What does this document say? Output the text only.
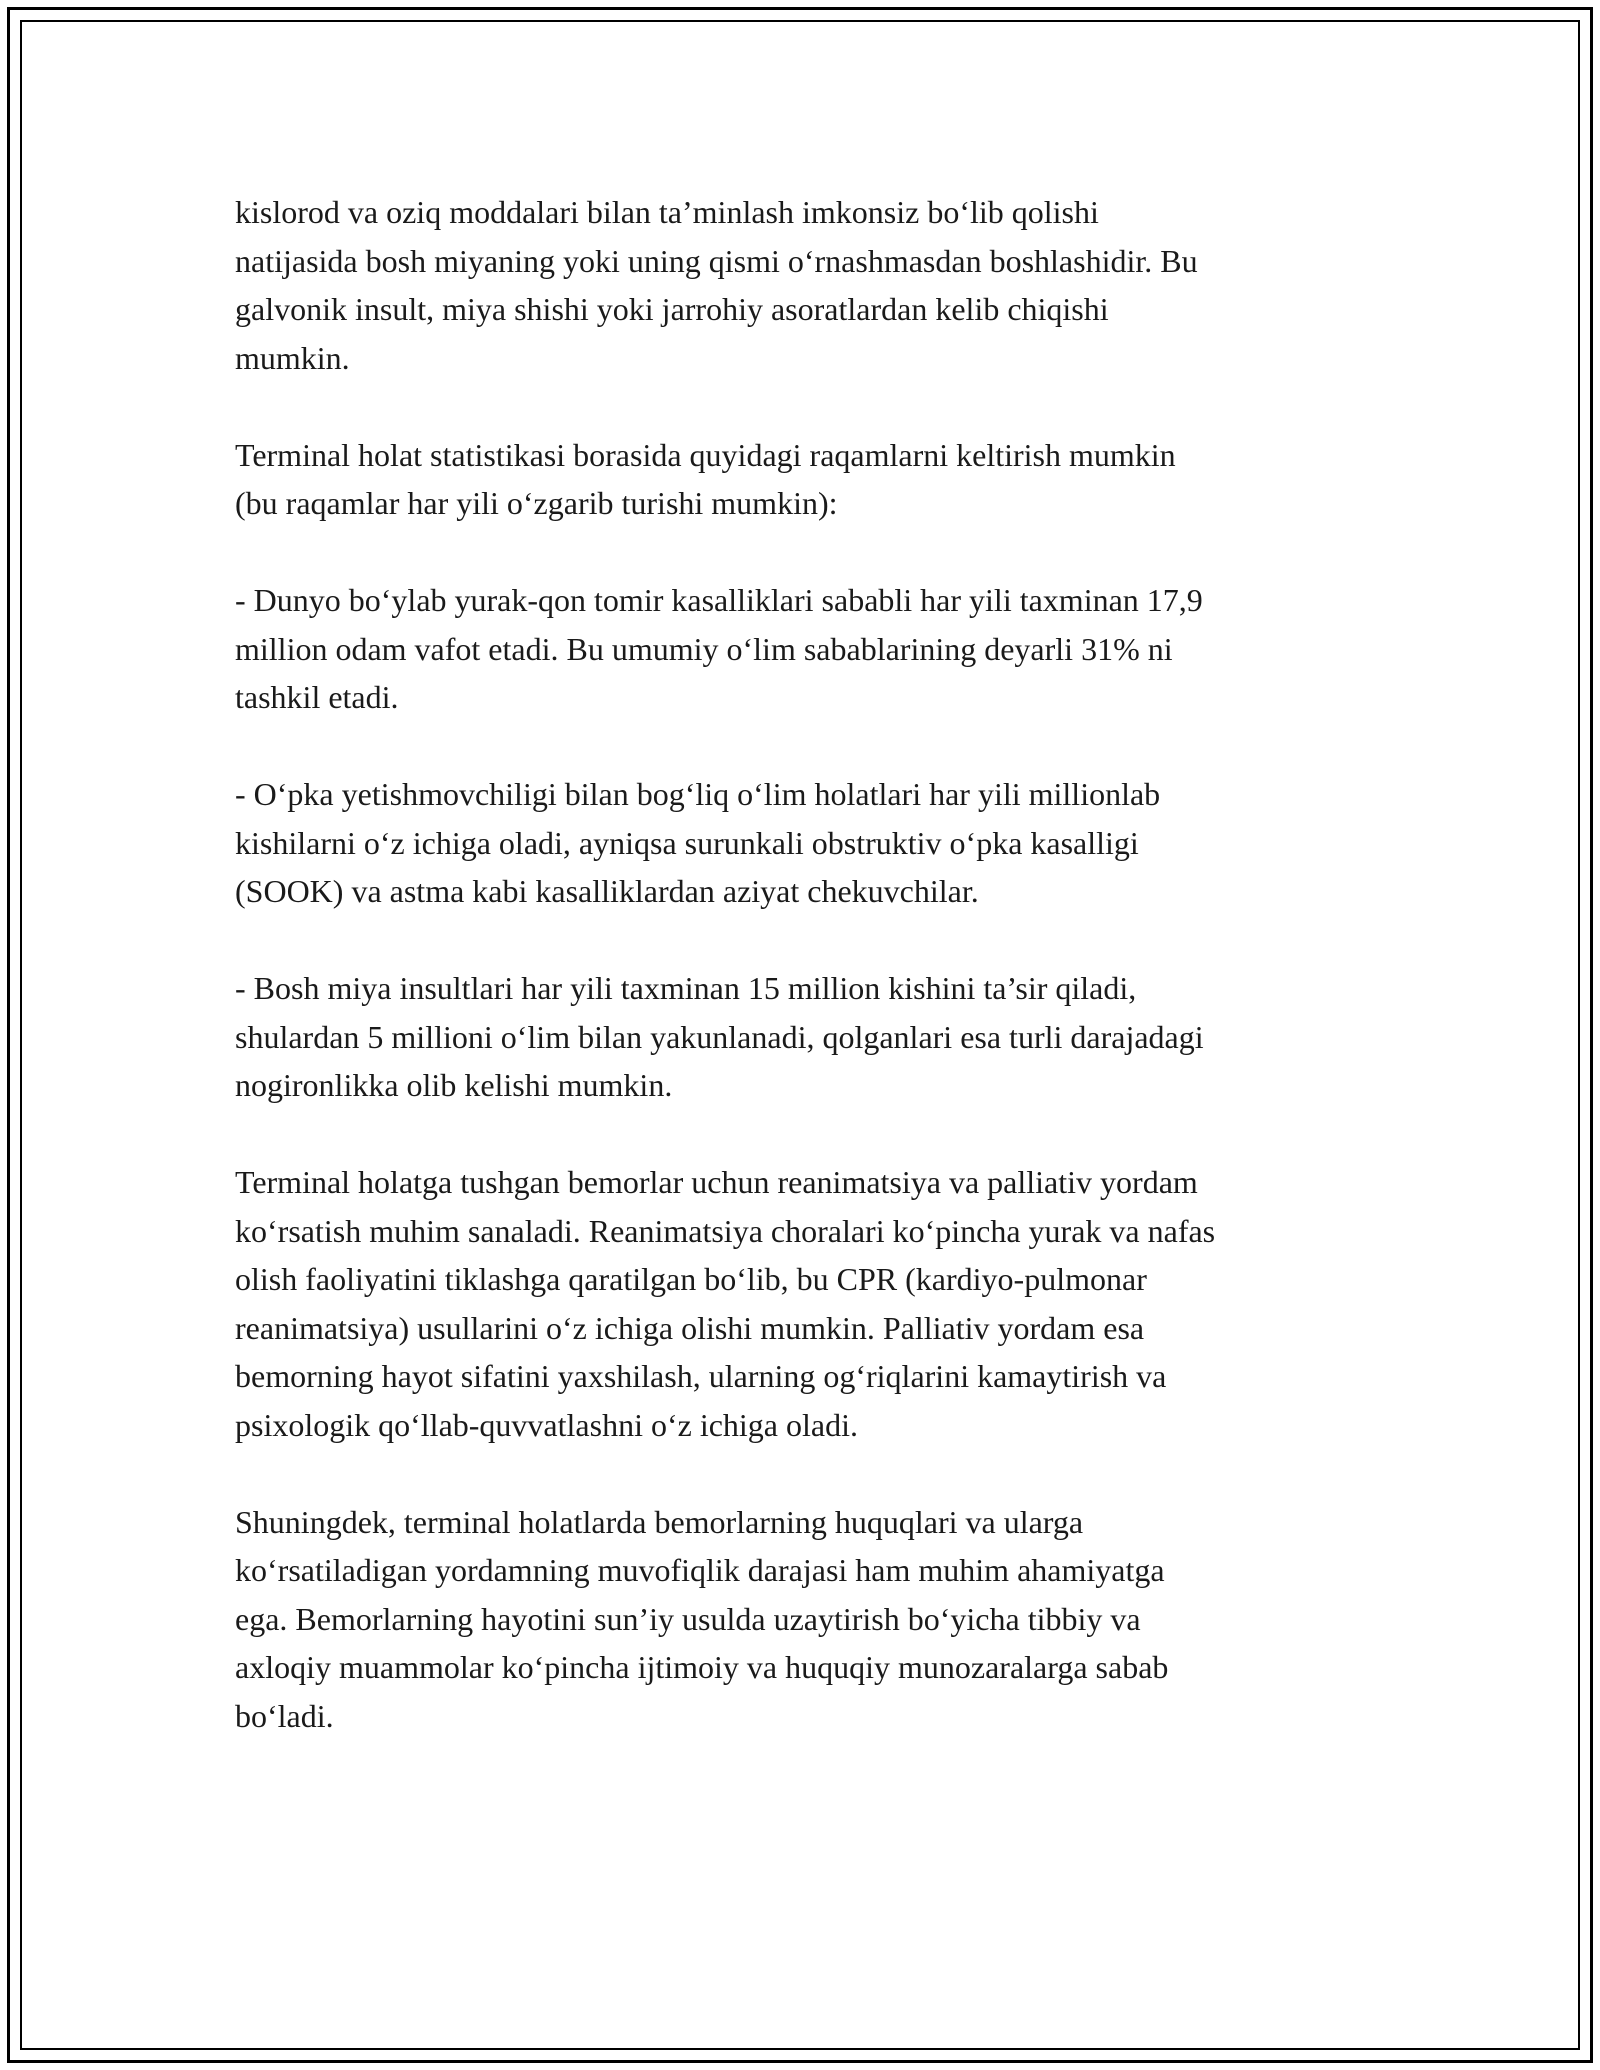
kislorod va oziq moddalari bilan ta’minlash imkonsiz bo‘lib qolishi
natijasida bosh miyaning yoki uning qismi o‘rnashmasdan boshlashidir. Bu
galvonik insult, miya shishi yoki jarrohiy asoratlardan kelib chiqishi
mumkin.

Terminal holat statistikasi borasida quyidagi raqamlarni keltirish mumkin
(bu raqamlar har yili o‘zgarib turishi mumkin):

- Dunyo bo‘ylab yurak-qon tomir kasalliklari sababli har yili taxminan 17,9
million odam vafot etadi. Bu umumiy o‘lim sabablarining deyarli 31% ni
tashkil etadi.

- O‘pka yetishmovchiligi bilan bog‘liq o‘lim holatlari har yili millionlab
kishilarni o‘z ichiga oladi, ayniqsa surunkali obstruktiv o‘pka kasalligi
(SOOK) va astma kabi kasalliklardan aziyat chekuvchilar.

- Bosh miya insultlari har yili taxminan 15 million kishini ta’sir qiladi,
shulardan 5 millioni o‘lim bilan yakunlanadi, qolganlari esa turli darajadagi
nogironlikka olib kelishi mumkin.

Terminal holatga tushgan bemorlar uchun reanimatsiya va palliativ yordam
ko‘rsatish muhim sanaladi. Reanimatsiya choralari ko‘pincha yurak va nafas
olish faoliyatini tiklashga qaratilgan bo‘lib, bu CPR (kardiyo-pulmonar
reanimatsiya) usullarini o‘z ichiga olishi mumkin. Palliativ yordam esa
bemorning hayot sifatini yaxshilash, ularning og‘riqlarini kamaytirish va
psixologik qo‘llab-quvvatlashni o‘z ichiga oladi.

Shuningdek, terminal holatlarda bemorlarning huquqlari va ularga
ko‘rsatiladigan yordamning muvofiqlik darajasi ham muhim ahamiyatga
ega. Bemorlarning hayotini sun’iy usulda uzaytirish bo‘yicha tibbiy va
axloqiy muammolar ko‘pincha ijtimoiy va huquqiy munozaralarga sabab
bo‘ladi.
